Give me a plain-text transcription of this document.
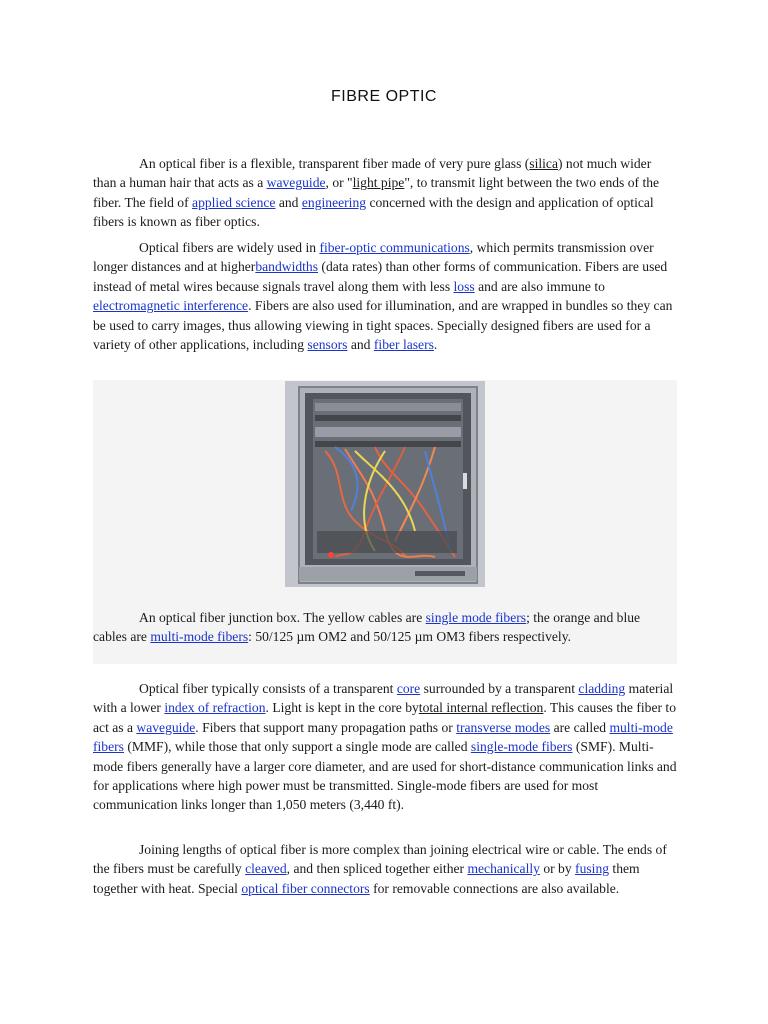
FIBRE OPTIC

An optical fiber is a flexible, transparent fiber made of very pure glass (silica) not much wider than a human hair that acts as a waveguide, or "light pipe", to transmit light between the two ends of the fiber. The field of applied science and engineering concerned with the design and application of optical fibers is known as fiber optics.

Optical fibers are widely used in fiber-optic communications, which permits transmission over longer distances and at higherbandwidths (data rates) than other forms of communication. Fibers are used instead of metal wires because signals travel along them with less loss and are also immune to electromagnetic interference. Fibers are also used for illumination, and are wrapped in bundles so they can be used to carry images, thus allowing viewing in tight spaces. Specially designed fibers are used for a variety of other applications, including sensors and fiber lasers.

An optical fiber junction box. The yellow cables are single mode fibers; the orange and blue cables are multi-mode fibers: 50/125 µm OM2 and 50/125 µm OM3 fibers respectively.

Optical fiber typically consists of a transparent core surrounded by a transparent cladding material with a lower index of refraction. Light is kept in the core bytotal internal reflection. This causes the fiber to act as a waveguide. Fibers that support many propagation paths or transverse modes are called multi-mode fibers (MMF), while those that only support a single mode are called single-mode fibers (SMF). Multi-mode fibers generally have a larger core diameter, and are used for short-distance communication links and for applications where high power must be transmitted. Single-mode fibers are used for most communication links longer than 1,050 meters (3,440 ft).

Joining lengths of optical fiber is more complex than joining electrical wire or cable. The ends of the fibers must be carefully cleaved, and then spliced together either mechanically or by fusing them together with heat. Special optical fiber connectors for removable connections are also available.
